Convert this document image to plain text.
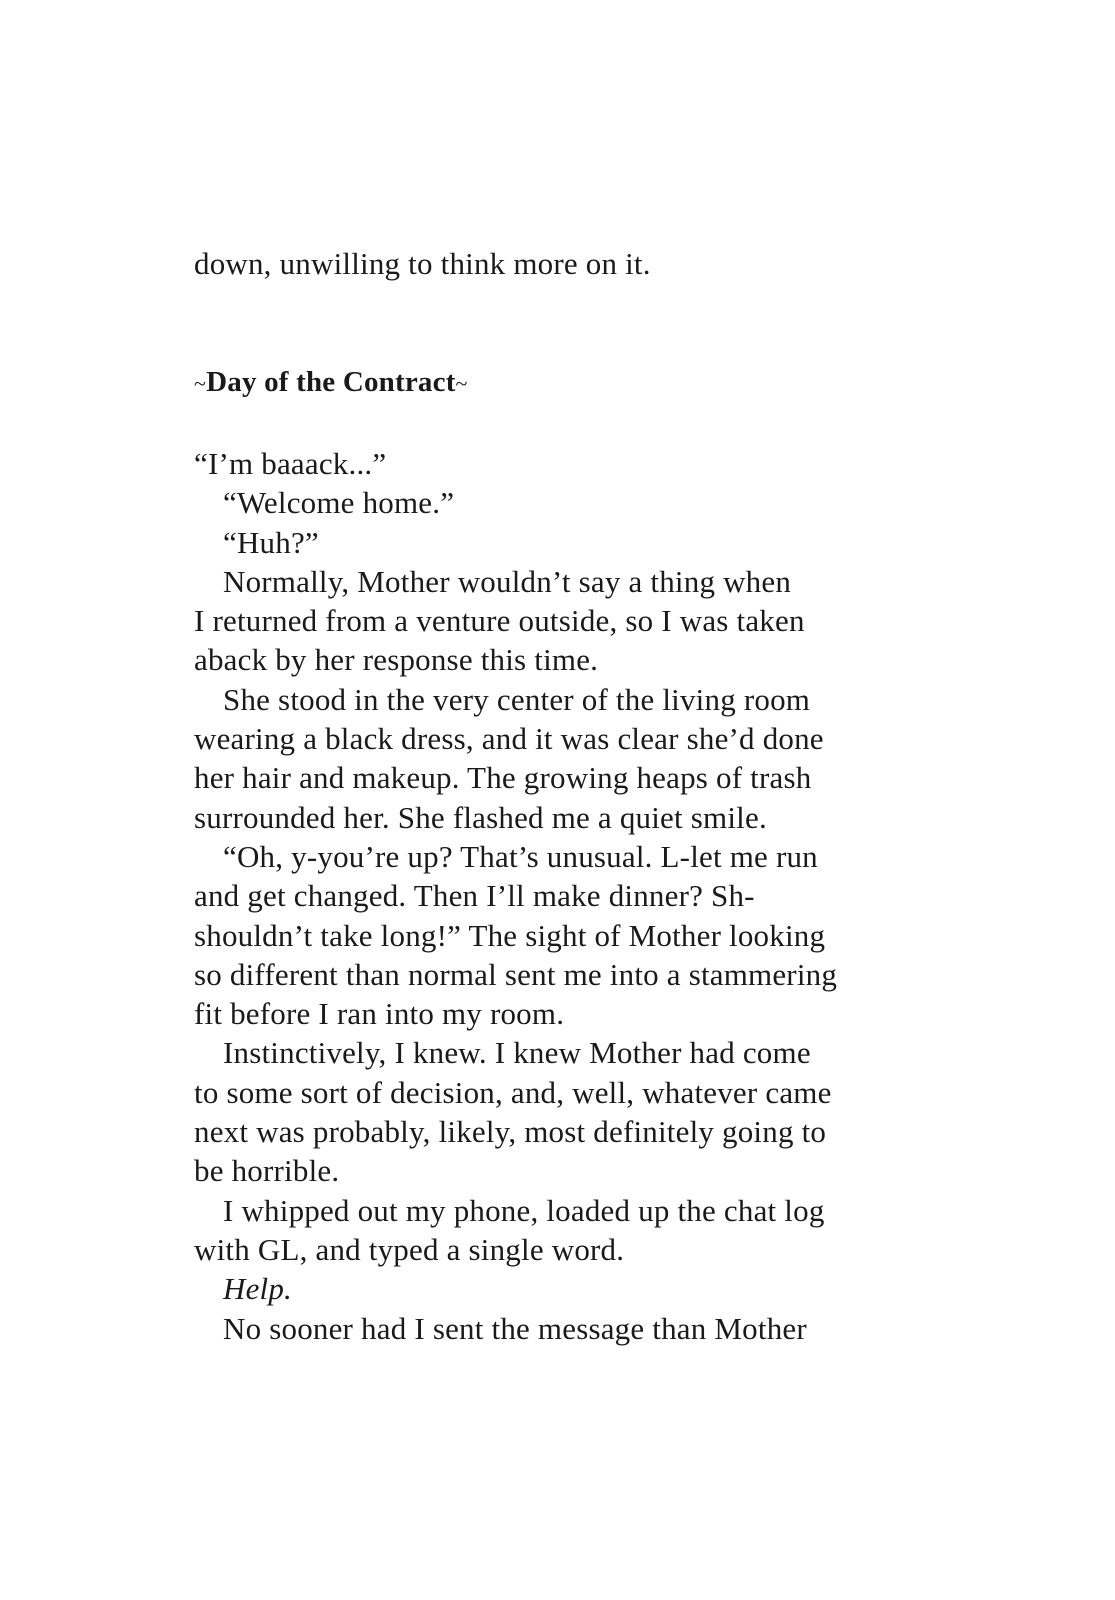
down, unwilling to think more on it.
~Day of the Contract~
“I’m baaack...”
“Welcome home.”
“Huh?”
Normally, Mother wouldn’t say a thing when
I returned from a venture outside, so I was taken
aback by her response this time.
She stood in the very center of the living room
wearing a black dress, and it was clear she’d done
her hair and makeup. The growing heaps of trash
surrounded her. She flashed me a quiet smile.
“Oh, y-you’re up? That’s unusual. L-let me run
and get changed. Then I’ll make dinner? Sh-
shouldn’t take long!” The sight of Mother looking
so different than normal sent me into a stammering
fit before I ran into my room.
Instinctively, I knew. I knew Mother had come
to some sort of decision, and, well, whatever came
next was probably, likely, most definitely going to
be horrible.
I whipped out my phone, loaded up the chat log
with GL, and typed a single word.
Help.
No sooner had I sent the message than Mother
